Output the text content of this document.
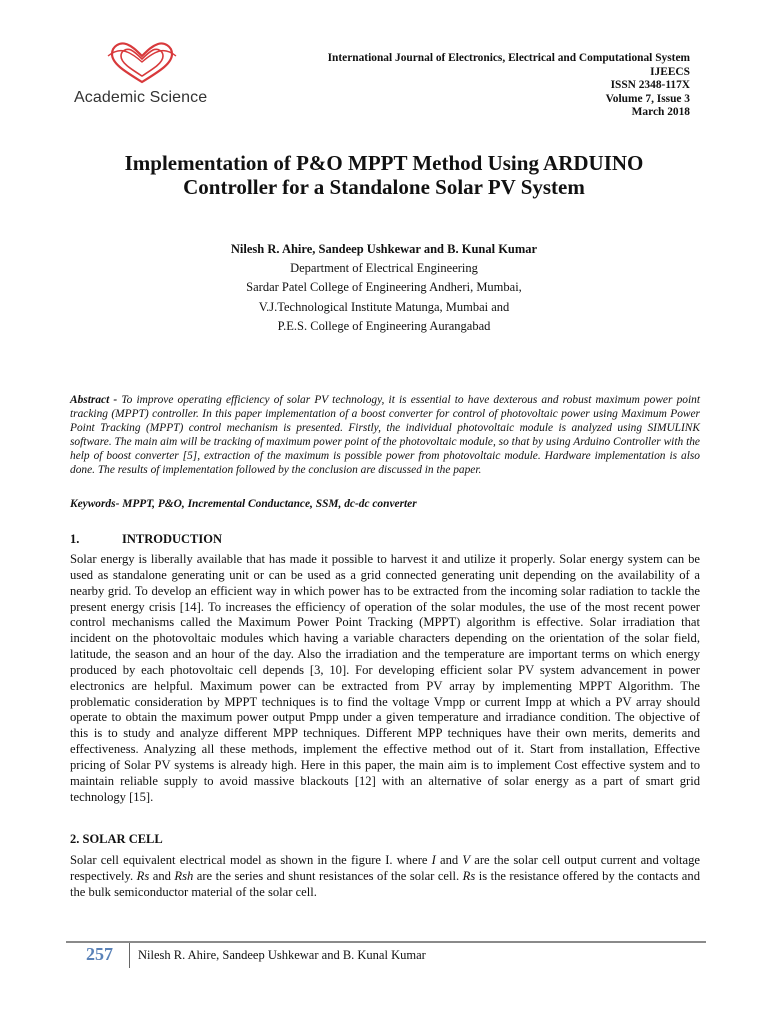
Academic Science
International Journal of Electronics, Electrical and Computational System
IJEECS
ISSN 2348-117X
Volume 7, Issue 3
March 2018
Implementation of P&O MPPT Method Using ARDUINO
Controller for a Standalone Solar PV System
Nilesh R. Ahire, Sandeep Ushkewar and B. Kunal Kumar
Department of Electrical Engineering
Sardar Patel College of Engineering Andheri, Mumbai,
V.J.Technological Institute Matunga, Mumbai and
P.E.S. College of Engineering Aurangabad
Abstract - To improve operating efficiency of solar PV technology, it is essential to have dexterous and robust maximum power point tracking (MPPT) controller. In this paper implementation of a boost converter for control of photovoltaic power using Maximum Power Point Tracking (MPPT) control mechanism is presented. Firstly, the individual photovoltaic module is analyzed using SIMULINK software. The main aim will be tracking of maximum power point of the photovoltaic module, so that by using Arduino Controller with the help of boost converter [5], extraction of the maximum is possible power from photovoltaic module. Hardware implementation is also done. The results of implementation followed by the conclusion are discussed in the paper.
Keywords- MPPT, P&O, Incremental Conductance, SSM, dc-dc converter
1.	INTRODUCTION
Solar energy is liberally available that has made it possible to harvest it and utilize it properly. Solar energy system can be used as standalone generating unit or can be used as a grid connected generating unit depending on the availability of a nearby grid. To develop an efficient way in which power has to be extracted from the incoming solar radiation to tackle the present energy crisis [14]. To increases the efficiency of operation of the solar modules, the use of the most recent power control mechanisms called the Maximum Power Point Tracking (MPPT) algorithm is effective. Solar irradiation that incident on the photovoltaic modules which having a variable characters depending on the orientation of the solar field, latitude, the season and an hour of the day. Also the irradiation and the temperature are important terms on which energy produced by each photovoltaic cell depends [3, 10]. For developing efficient solar PV system advancement in power electronics are helpful. Maximum power can be extracted from PV array by implementing MPPT Algorithm. The problematic consideration by MPPT techniques is to find the voltage Vmpp or current Impp at which a PV array should operate to obtain the maximum power output Pmpp under a given temperature and irradiance condition. The objective of this is to study and analyze different MPP techniques. Different MPP techniques have their own merits, demerits and effectiveness. Analyzing all these methods, implement the effective method out of it. Start from installation, Effective pricing of Solar PV systems is already high. Here in this paper, the main aim is to implement Cost effective system and to maintain reliable supply to avoid massive blackouts [12] with an alternative of solar energy as a part of smart grid technology [15].
2. SOLAR CELL
Solar cell equivalent electrical model as shown in the figure I. where I and V are the solar cell output current and voltage respectively. Rs and Rsh are the series and shunt resistances of the solar cell. Rs is the resistance offered by the contacts and the bulk semiconductor material of the solar cell.
257 Nilesh R. Ahire, Sandeep Ushkewar and B. Kunal Kumar
